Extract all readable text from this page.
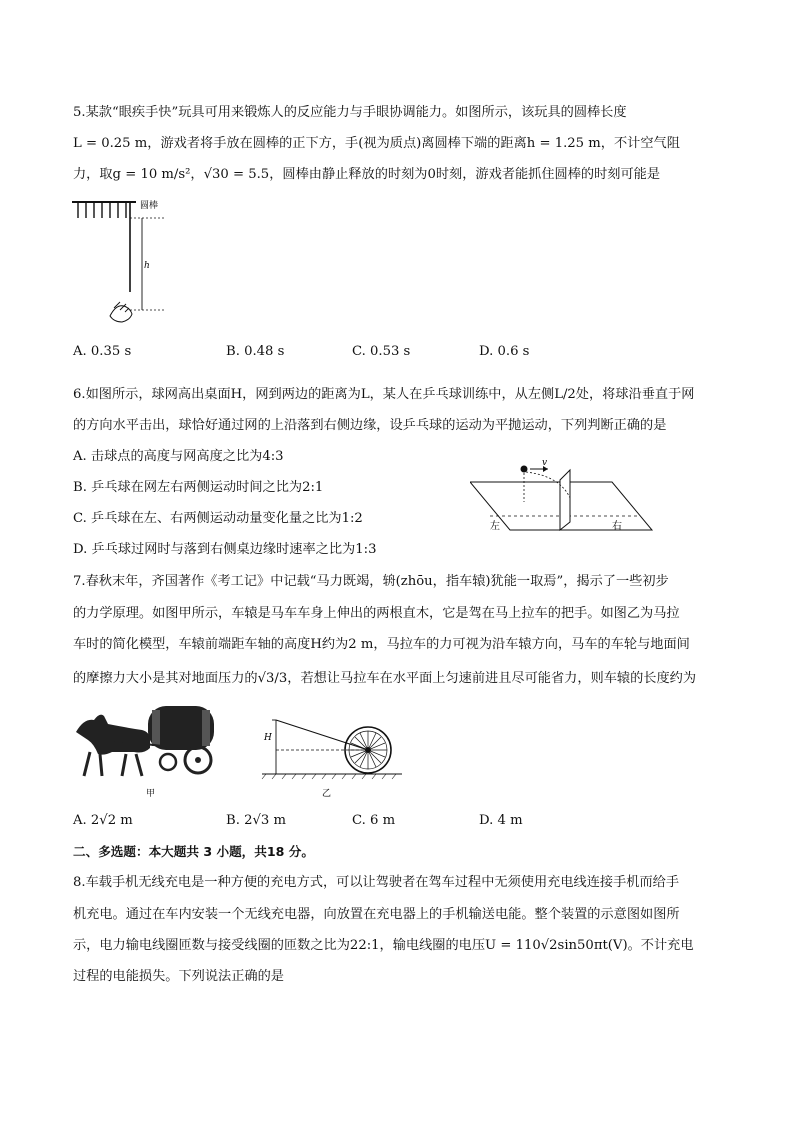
5.某款“眼疾手快”玩具可用来锻炼人的反应能力与手眼协调能力。如图所示，该玩具的圆棒长度
L = 0.25 m，游戏者将手放在圆棒的正下方，手(视为质点)离圆棒下端的距离h = 1.25 m，不计空气阻
力，取g = 10 m/s²，√30 = 5.5，圆棒由静止释放的时刻为0时刻，游戏者能抓住圆棒的时刻可能是
圆棒
h
A. 0.35 s	B. 0.48 s	C. 0.53 s	D. 0.6 s
6.如图所示，球网高出桌面H，网到两边的距离为L，某人在乒乓球训练中，从左侧L/2处，将球沿垂直于网
的方向水平击出，球恰好通过网的上沿落到右侧边缘，设乒乓球的运动为平抛运动，下列判断正确的是
A. 击球点的高度与网高度之比为4:3
B. 乒乓球在网左右两侧运动时间之比为2:1
C. 乒乓球在左、右两侧运动动量变化量之比为1:2
D. 乒乓球过网时与落到右侧桌边缘时速率之比为1:3
v
左	右
7.春秋末年，齐国著作《考工记》中记载“马力既竭，辀(zhōu，指车辕)犹能一取焉”，揭示了一些初步
的力学原理。如图甲所示，车辕是马车车身上伸出的两根直木，它是驾在马上拉车的把手。如图乙为马拉
车时的简化模型，车辕前端距车轴的高度H约为2 m，马拉车的力可视为沿车辕方向，马车的车轮与地面间
的摩擦力大小是其对地面压力的√3/3，若想让马拉车在水平面上匀速前进且尽可能省力，则车辕的长度约为
甲
H
乙
A. 2√2 m	B. 2√3 m	C. 6 m	D. 4 m
二、多选题：本大题共 3 小题，共18 分。
8.车载手机无线充电是一种方便的充电方式，可以让驾驶者在驾车过程中无须使用充电线连接手机而给手
机充电。通过在车内安装一个无线充电器，向放置在充电器上的手机输送电能。整个装置的示意图如图所
示，电力输电线圈匝数与接受线圈的匝数之比为22:1，输电线圈的电压U = 110√2sin50πt(V)。不计充电
过程的电能损失。下列说法正确的是
